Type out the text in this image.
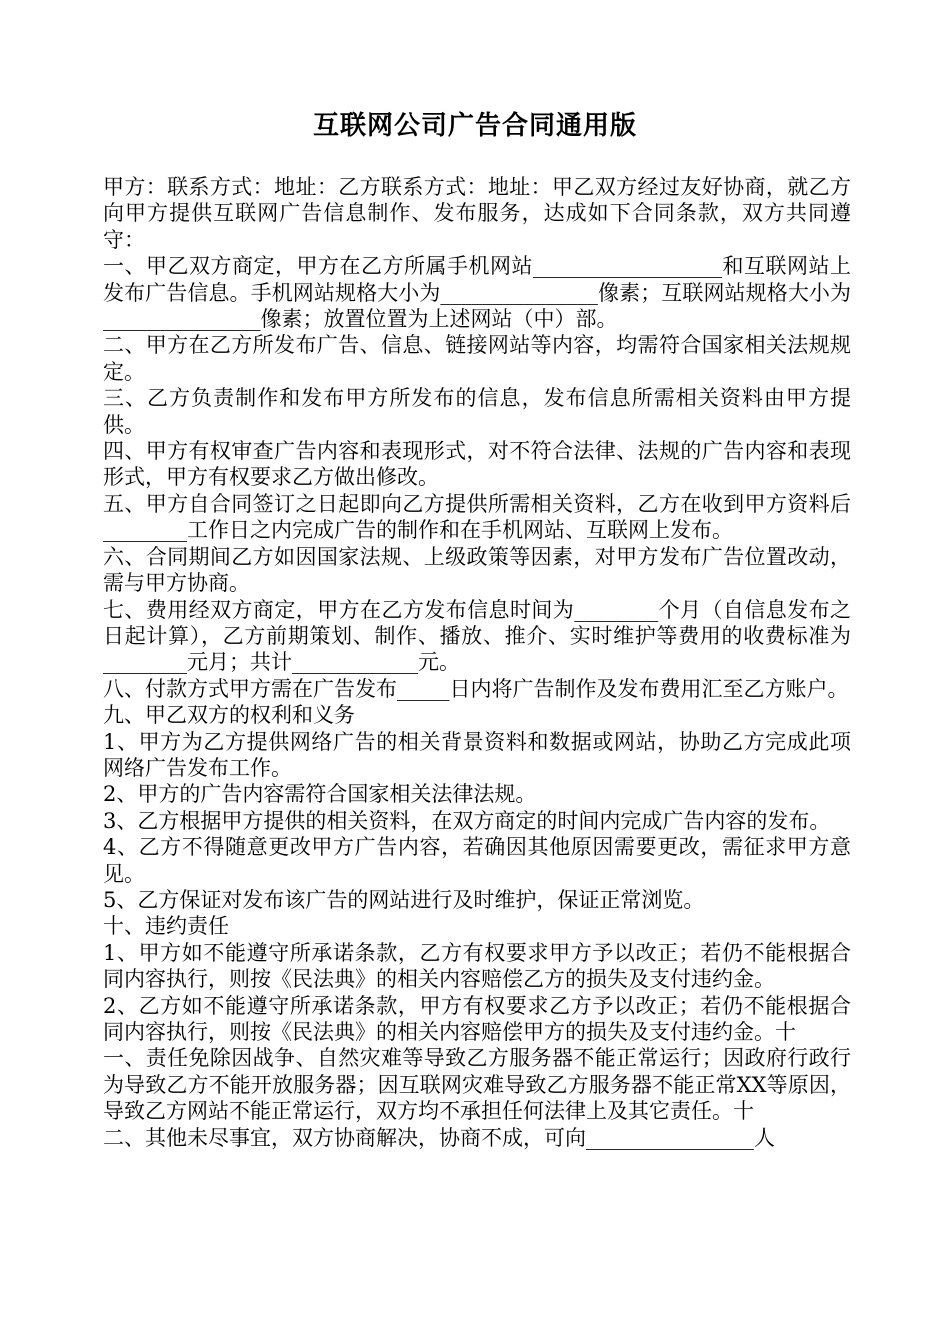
互联网公司广告合同通用版

甲方：联系方式：地址：乙方联系方式：地址：甲乙双方经过友好协商，就乙方向甲方提供互联网广告信息制作、发布服务，达成如下合同条款，双方共同遵守：

一、甲乙双方商定，甲方在乙方所属手机网站__________________和互联网站上发布广告信息。手机网站规格大小为_______________像素；互联网站规格大小为_______________像素；放置位置为上述网站（中）部。

二、甲方在乙方所发布广告、信息、链接网站等内容，均需符合国家相关法规规定。

三、乙方负责制作和发布甲方所发布的信息，发布信息所需相关资料由甲方提供。

四、甲方有权审查广告内容和表现形式，对不符合法律、法规的广告内容和表现形式，甲方有权要求乙方做出修改。

五、甲方自合同签订之日起即向乙方提供所需相关资料，乙方在收到甲方资料后________工作日之内完成广告的制作和在手机网站、互联网上发布。

六、合同期间乙方如因国家法规、上级政策等因素，对甲方发布广告位置改动，需与甲方协商。

七、费用经双方商定，甲方在乙方发布信息时间为________个月（自信息发布之日起计算），乙方前期策划、制作、播放、推介、实时维护等费用的收费标准为________元月；共计____________元。

八、付款方式甲方需在广告发布_____日内将广告制作及发布费用汇至乙方账户。

九、甲乙双方的权利和义务

1、甲方为乙方提供网络广告的相关背景资料和数据或网站，协助乙方完成此项网络广告发布工作。

2、甲方的广告内容需符合国家相关法律法规。

3、乙方根据甲方提供的相关资料，在双方商定的时间内完成广告内容的发布。

4、乙方不得随意更改甲方广告内容，若确因其他原因需要更改，需征求甲方意见。

5、乙方保证对发布该广告的网站进行及时维护，保证正常浏览。

十、违约责任

1、甲方如不能遵守所承诺条款，乙方有权要求甲方予以改正；若仍不能根据合同内容执行，则按《民法典》的相关内容赔偿乙方的损失及支付违约金。

2、乙方如不能遵守所承诺条款，甲方有权要求乙方予以改正；若仍不能根据合同内容执行，则按《民法典》的相关内容赔偿甲方的损失及支付违约金。十

一、责任免除因战争、自然灾难等导致乙方服务器不能正常运行；因政府行政行为导致乙方不能开放服务器；因互联网灾难导致乙方服务器不能正常XX等原因，导致乙方网站不能正常运行，双方均不承担任何法律上及其它责任。十

二、其他未尽事宜，双方协商解决，协商不成，可向________________人
